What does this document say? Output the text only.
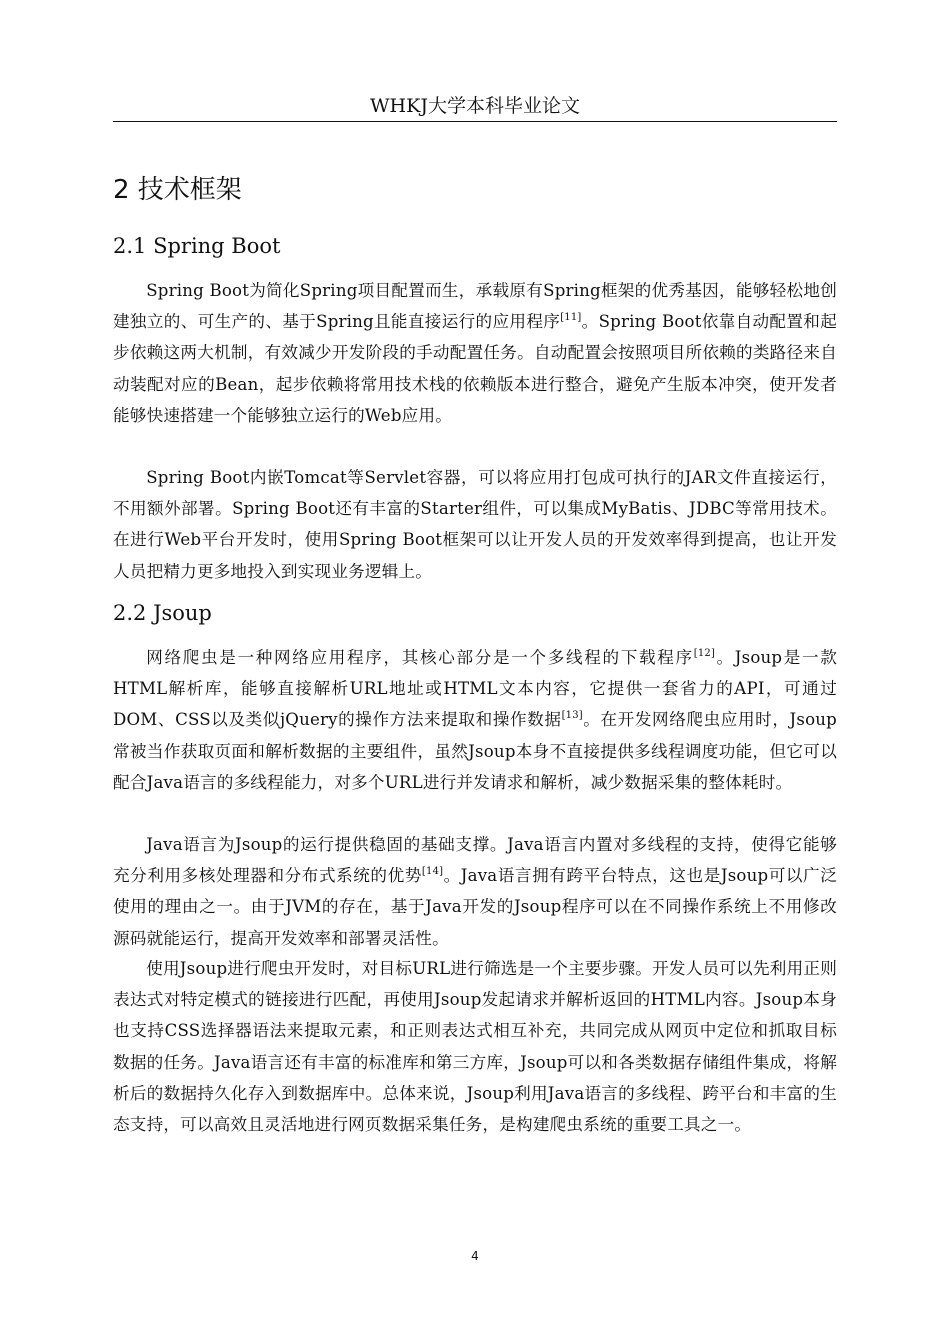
WHKJ大学本科毕业论文
2 技术框架
2.1 Spring Boot

Spring Boot为简化Spring项目配置而生，承载原有Spring框架的优秀基因，能够轻松地创建独立的、可生产的、基于Spring且能直接运行的应用程序[11]。Spring Boot依靠自动配置和起步依赖这两大机制，有效减少开发阶段的手动配置任务。自动配置会按照项目所依赖的类路径来自动装配对应的Bean，起步依赖将常用技术栈的依赖版本进行整合，避免产生版本冲突，使开发者能够快速搭建一个能够独立运行的Web应用。

Spring Boot内嵌Tomcat等Servlet容器，可以将应用打包成可执行的JAR文件直接运行，不用额外部署。Spring Boot还有丰富的Starter组件，可以集成MyBatis、JDBC等常用技术。在进行Web平台开发时，使用Spring Boot框架可以让开发人员的开发效率得到提高，也让开发人员把精力更多地投入到实现业务逻辑上。

2.2 Jsoup

网络爬虫是一种网络应用程序，其核心部分是一个多线程的下载程序[12]。Jsoup是一款HTML解析库，能够直接解析URL地址或HTML文本内容，它提供一套省力的API，可通过DOM、CSS以及类似jQuery的操作方法来提取和操作数据[13]。在开发网络爬虫应用时，Jsoup常被当作获取页面和解析数据的主要组件，虽然Jsoup本身不直接提供多线程调度功能，但它可以配合Java语言的多线程能力，对多个URL进行并发请求和解析，减少数据采集的整体耗时。

Java语言为Jsoup的运行提供稳固的基础支撑。Java语言内置对多线程的支持，使得它能够充分利用多核处理器和分布式系统的优势[14]。Java语言拥有跨平台特点，这也是Jsoup可以广泛使用的理由之一。由于JVM的存在，基于Java开发的Jsoup程序可以在不同操作系统上不用修改源码就能运行，提高开发效率和部署灵活性。

使用Jsoup进行爬虫开发时，对目标URL进行筛选是一个主要步骤。开发人员可以先利用正则表达式对特定模式的链接进行匹配，再使用Jsoup发起请求并解析返回的HTML内容。Jsoup本身也支持CSS选择器语法来提取元素，和正则表达式相互补充，共同完成从网页中定位和抓取目标数据的任务。Java语言还有丰富的标准库和第三方库，Jsoup可以和各类数据存储组件集成，将解析后的数据持久化存入到数据库中。总体来说，Jsoup利用Java语言的多线程、跨平台和丰富的生态支持，可以高效且灵活地进行网页数据采集任务，是构建爬虫系统的重要工具之一。

4
